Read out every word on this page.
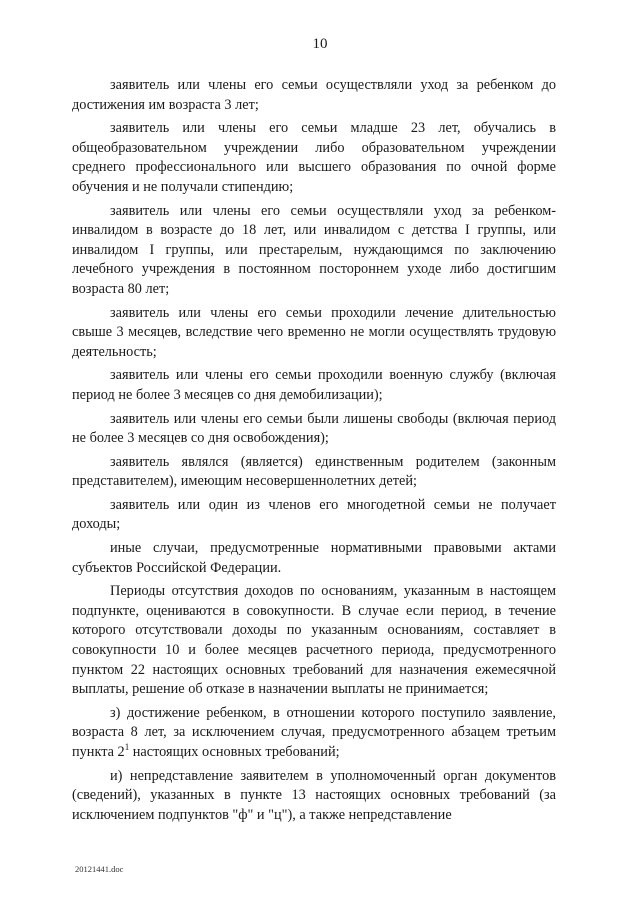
10

заявитель или члены его семьи осуществляли уход за ребенком до достижения им возраста 3 лет;

заявитель или члены его семьи младше 23 лет, обучались в общеобразовательном учреждении либо образовательном учреждении среднего профессионального или высшего образования по очной форме обучения и не получали стипендию;

заявитель или члены его семьи осуществляли уход за ребенком-инвалидом в возрасте до 18 лет, или инвалидом с детства I группы, или инвалидом I группы, или престарелым, нуждающимся по заключению лечебного учреждения в постоянном постороннем уходе либо достигшим возраста 80 лет;

заявитель или члены его семьи проходили лечение длительностью свыше 3 месяцев, вследствие чего временно не могли осуществлять трудовую деятельность;

заявитель или члены его семьи проходили военную службу (включая период не более 3 месяцев со дня демобилизации);

заявитель или члены его семьи были лишены свободы (включая период не более 3 месяцев со дня освобождения);

заявитель являлся (является) единственным родителем (законным представителем), имеющим несовершеннолетних детей;

заявитель или один из членов его многодетной семьи не получает доходы;

иные случаи, предусмотренные нормативными правовыми актами субъектов Российской Федерации.

Периоды отсутствия доходов по основаниям, указанным в настоящем подпункте, оцениваются в совокупности. В случае если период, в течение которого отсутствовали доходы по указанным основаниям, составляет в совокупности 10 и более месяцев расчетного периода, предусмотренного пунктом 22 настоящих основных требований для назначения ежемесячной выплаты, решение об отказе в назначении выплаты не принимается;

з) достижение ребенком, в отношении которого поступило заявление, возраста 8 лет, за исключением случая, предусмотренного абзацем третьим пункта $2^1$ настоящих основных требований;

и) непредставление заявителем в уполномоченный орган документов (сведений), указанных в пункте 13 настоящих основных требований (за исключением подпунктов "ф" и "ц"), а также непредставление

20121441.doc
